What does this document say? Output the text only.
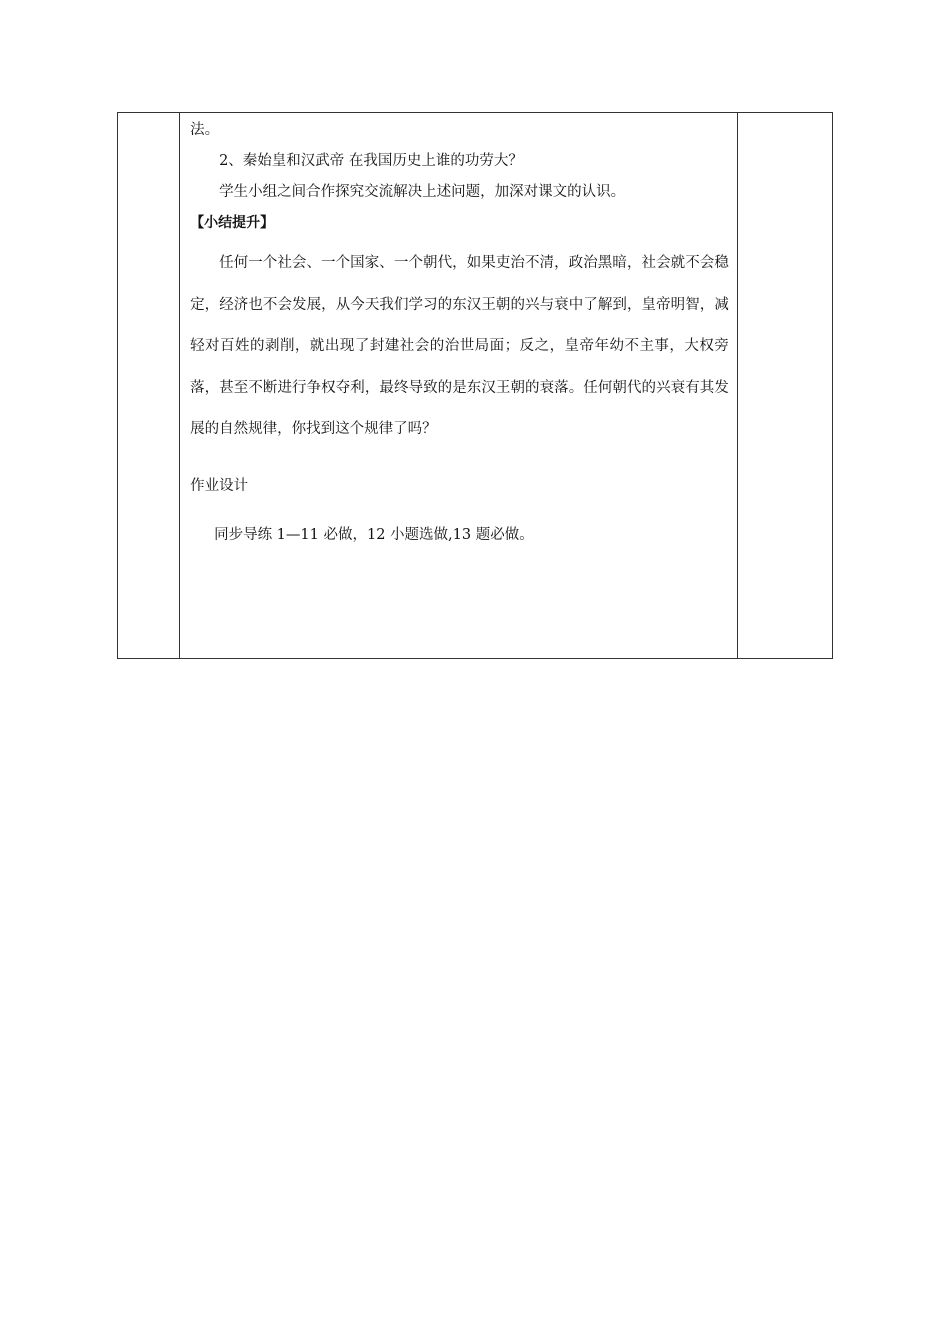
法。

2、秦始皇和汉武帝 在我国历史上谁的功劳大？

学生小组之间合作探究交流解决上述问题，加深对课文的认识。

【小结提升】

任何一个社会、一个国家、一个朝代，如果吏治不清，政治黑暗，社会就不会稳定，经济也不会发展，从今天我们学习的东汉王朝的兴与衰中了解到，皇帝明智，减轻对百姓的剥削，就出现了封建社会的治世局面；反之，皇帝年幼不主事，大权旁落，甚至不断进行争权夺利，最终导致的是东汉王朝的衰落。任何朝代的兴衰有其发展的自然规律，你找到这个规律了吗？

作业设计

同步导练 1—11 必做，12 小题选做,13 题必做。
